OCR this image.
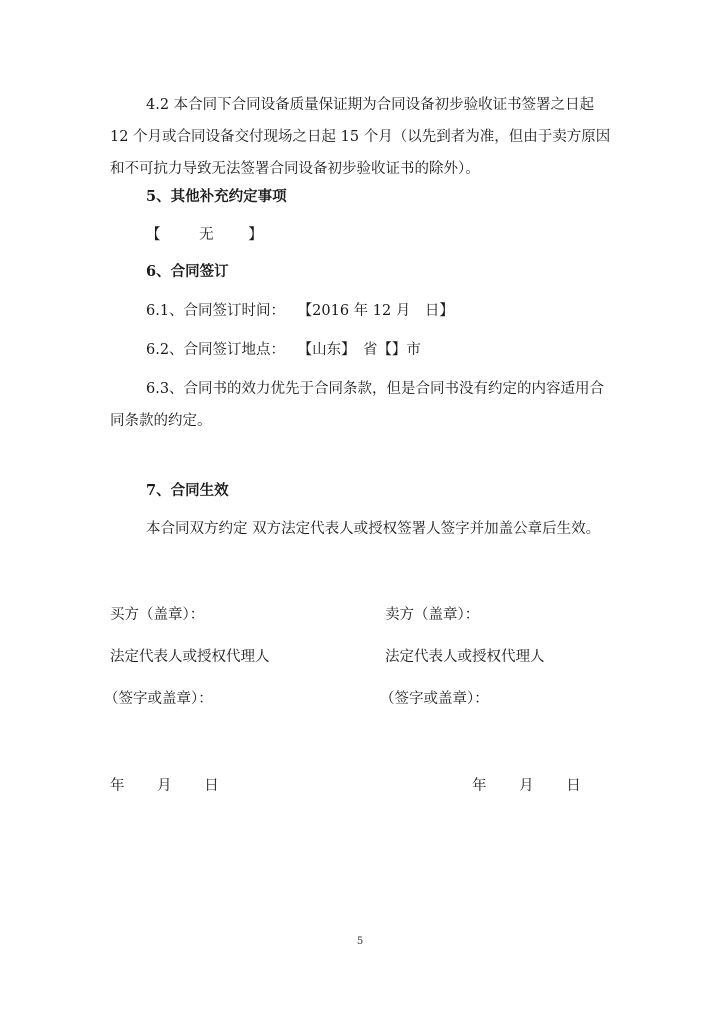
4.2 本合同下合同设备质量保证期为合同设备初步验收证书签署之日起 12 个月或合同设备交付现场之日起 15 个月（以先到者为准，但由于卖方原因和不可抗力导致无法签署合同设备初步验收证书的除外）。
5、其他补充约定事项
【	无 】
6、合同签订
6.1、合同签订时间： 【2016 年 12 月　日】
6.2、合同签订地点： 【山东】　省【】市
6.3、合同书的效力优先于合同条款，但是合同书没有约定的内容适用合同条款的约定。
7、合同生效
本合同双方约定 双方法定代表人或授权签署人签字并加盖公章后生效。
买方（盖章）：
法定代表人或授权代理人
（签字或盖章）：
年 月 日
卖方（盖章）：
法定代表人或授权代理人
（签字或盖章）：
年 月 日
5
